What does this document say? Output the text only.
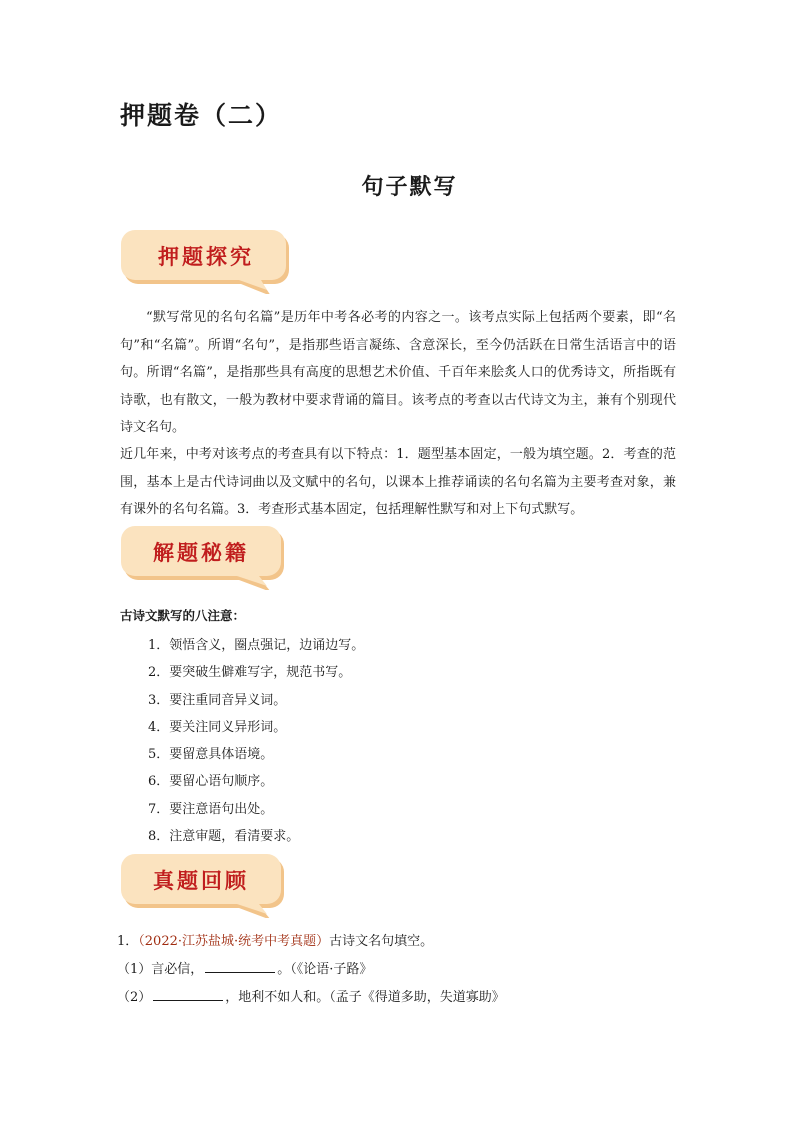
押题卷（二）
句子默写
押题探究

“默写常见的名句名篇”是历年中考各必考的内容之一。该考点实际上包括两个要素，即“名句”和“名篇”。所谓“名句”，是指那些语言凝练、含意深长，至今仍活跃在日常生活语言中的语句。所谓“名篇”，是指那些具有高度的思想艺术价值、千百年来脍炙人口的优秀诗文，所指既有诗歌，也有散文，一般为教材中要求背诵的篇目。该考点的考查以古代诗文为主，兼有个别现代诗文名句。

近几年来，中考对该考点的考查具有以下特点：1．题型基本固定，一般为填空题。2．考查的范围，基本上是古代诗词曲以及文赋中的名句，以课本上推荐诵读的名句名篇为主要考查对象，兼有课外的名句名篇。3．考查形式基本固定，包括理解性默写和对上下句式默写。

解题秘籍

古诗文默写的八注意：

1．领悟含义，圈点强记，边诵边写。
2．要突破生僻难写字，规范书写。
3．要注重同音异义词。
4．要关注同义异形词。
5．要留意具体语境。
6．要留心语句顺序。
7．要注意语句出处。
8．注意审题，看清要求。
真题回顾

1．（2022·江苏盐城·统考中考真题）古诗文名句填空。

（1）言必信，	。（《论语·子路》

（2）	，地利不如人和。（孟子《得道多助，失道寡助》
